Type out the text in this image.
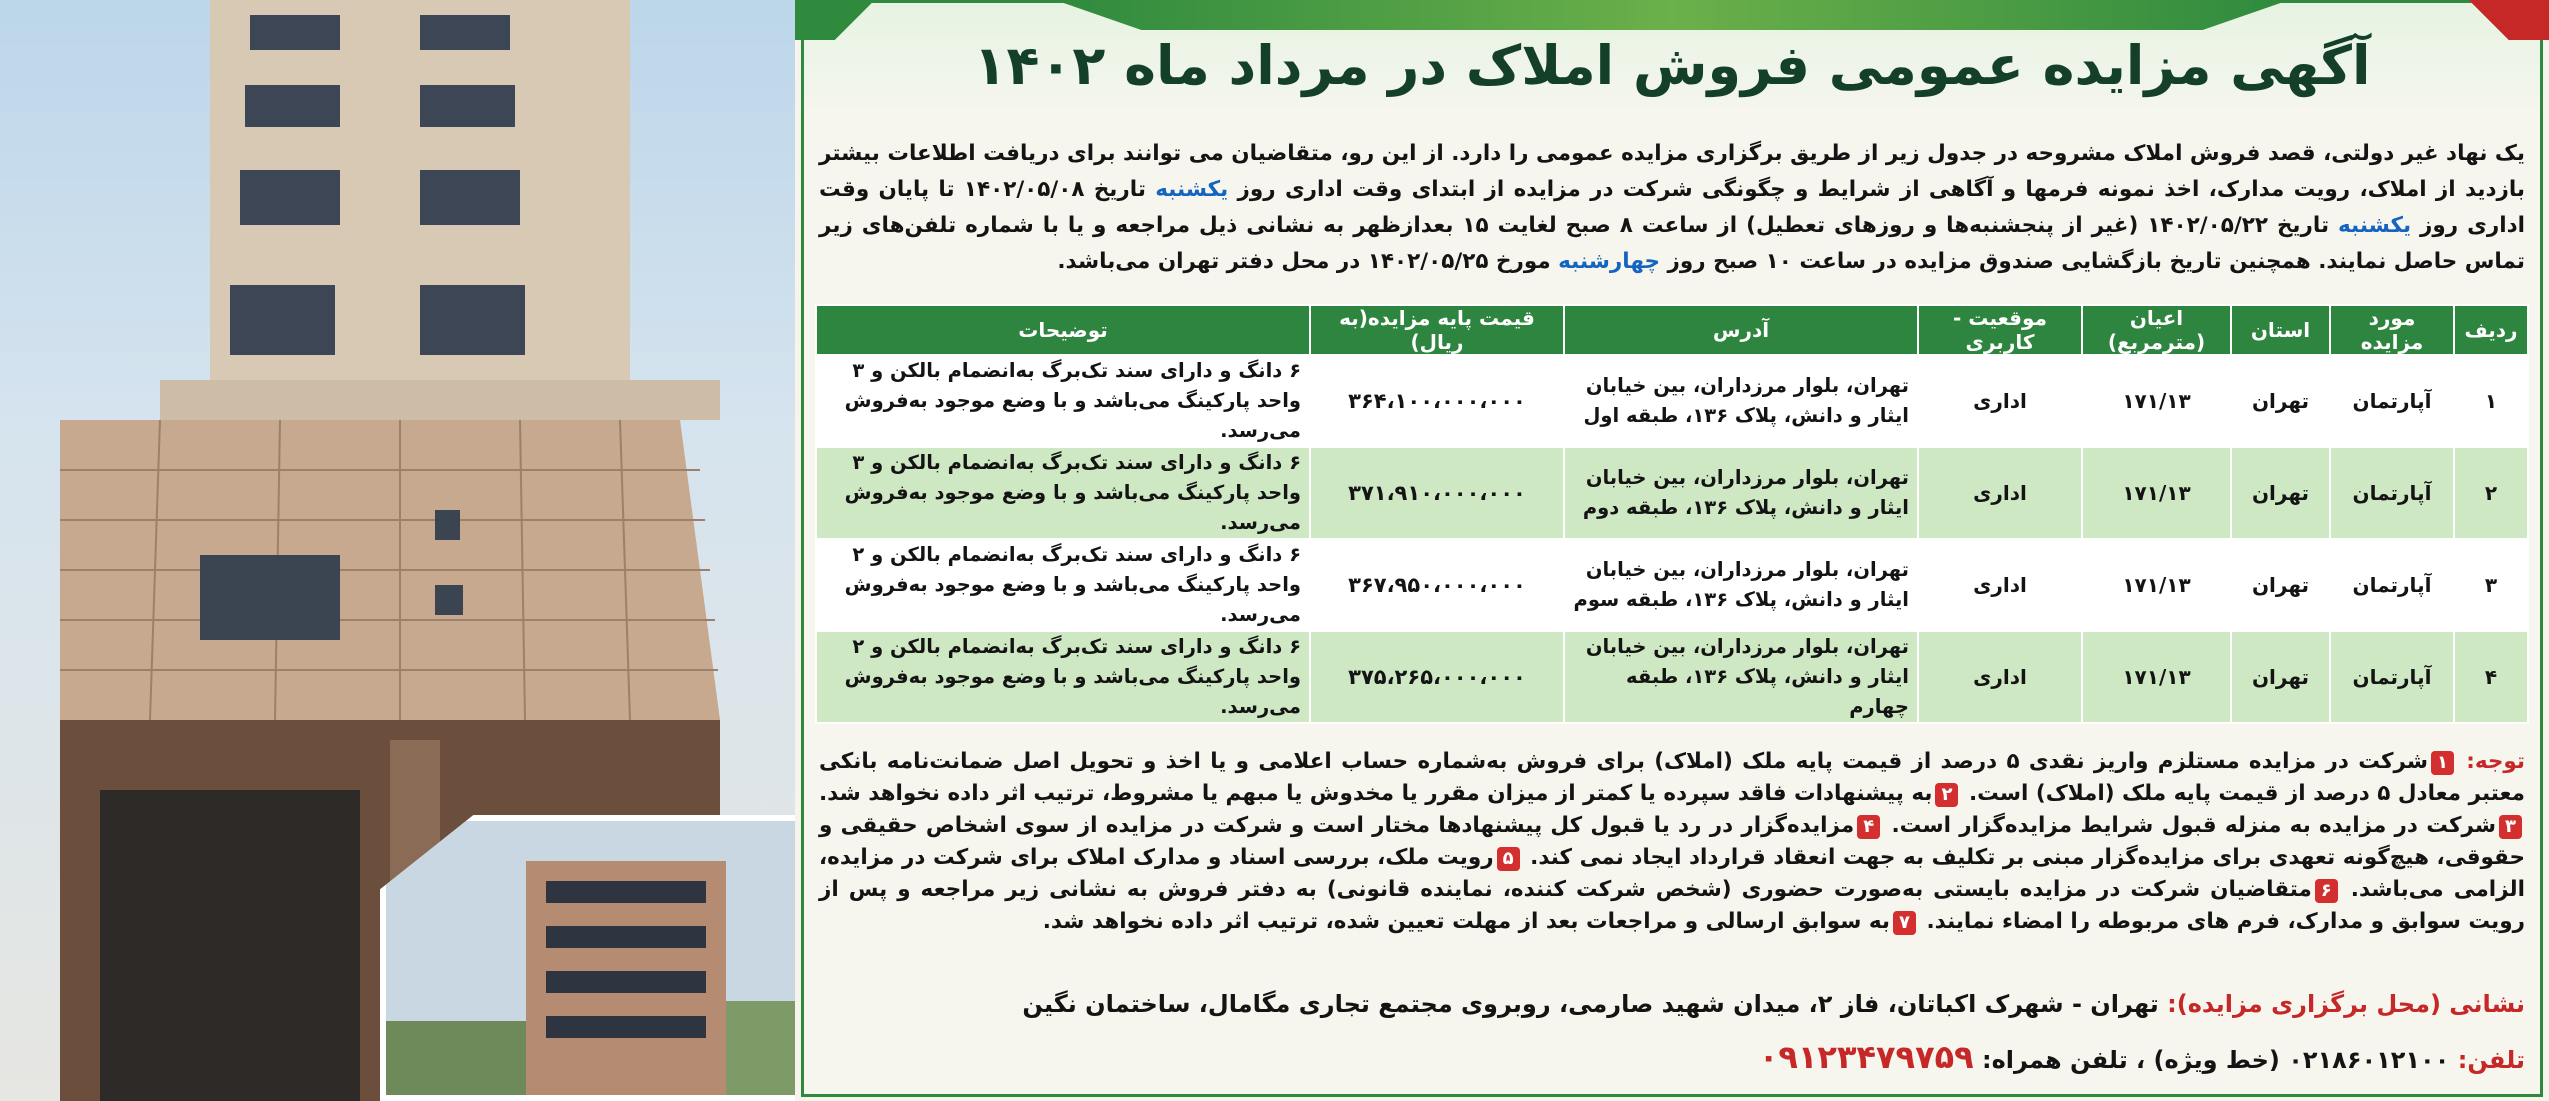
آگهی مزایده عمومی فروش املاک در مرداد ماه ۱۴۰۲
یک نهاد غیر دولتی، قصد فروش املاک مشروحه در جدول زیر از طریق برگزاری مزایده عمومی را دارد. از این رو، متقاضیان می توانند برای دریافت اطلاعات بیشتر بازدید از املاک، رویت مدارک، اخذ نمونه فرمها و آگاهی از شرایط و چگونگی شرکت در مزایده از ابتدای وقت اداری روز یکشنبه تاریخ ۱۴۰۲/۰۵/۰۸ تا پایان وقت اداری روز یکشنبه تاریخ ۱۴۰۲/۰۵/۲۲ (غیر از پنجشنبه‌ها و روزهای تعطیل) از ساعت ۸ صبح لغایت ۱۵ بعدازظهر به نشانی ذیل مراجعه و یا با شماره تلفن‌های زیر تماس حاصل نمایند. همچنین تاریخ بازگشایی صندوق مزایده در ساعت ۱۰ صبح روز چهارشنبه مورخ ۱۴۰۲/۰۵/۲۵ در محل دفتر تهران می‌باشد.
ردیف	مورد مزایده	استان	اعیان (مترمربع)	موقعیت - کاربری	آدرس	قیمت پایه مزایده(به ریال)	توضیحات
۱	آپارتمان	تهران	۱۷۱/۱۳	اداری	تهران، بلوار مرزداران، بین خیابان ایثار و دانش، پلاک ۱۳۶، طبقه اول	۳۶۴،۱۰۰،۰۰۰،۰۰۰	۶ دانگ و دارای سند تک‌برگ به‌انضمام بالکن و ۳ واحد پارکینگ می‌باشد و با وضع موجود به‌فروش می‌رسد.
۲	آپارتمان	تهران	۱۷۱/۱۳	اداری	تهران، بلوار مرزداران، بین خیابان ایثار و دانش، پلاک ۱۳۶، طبقه دوم	۳۷۱،۹۱۰،۰۰۰،۰۰۰	۶ دانگ و دارای سند تک‌برگ به‌انضمام بالکن و ۳ واحد پارکینگ می‌باشد و با وضع موجود به‌فروش می‌رسد.
۳	آپارتمان	تهران	۱۷۱/۱۳	اداری	تهران، بلوار مرزداران، بین خیابان ایثار و دانش، پلاک ۱۳۶، طبقه سوم	۳۶۷،۹۵۰،۰۰۰،۰۰۰	۶ دانگ و دارای سند تک‌برگ به‌انضمام بالکن و ۲ واحد پارکینگ می‌باشد و با وضع موجود به‌فروش می‌رسد.
۴	آپارتمان	تهران	۱۷۱/۱۳	اداری	تهران، بلوار مرزداران، بین خیابان ایثار و دانش، پلاک ۱۳۶، طبقه چهارم	۳۷۵،۲۶۵،۰۰۰،۰۰۰	۶ دانگ و دارای سند تک‌برگ به‌انضمام بالکن و ۲ واحد پارکینگ می‌باشد و با وضع موجود به‌فروش می‌رسد.
توجه: ۱شرکت در مزایده مستلزم واریز نقدی ۵ درصد از قیمت پایه ملک (املاک) برای فروش به‌شماره حساب اعلامی و یا اخذ و تحویل اصل ضمانت‌نامه بانکی معتبر معادل ۵ درصد از قیمت پایه ملک (املاک) است. ۲به پیشنهادات فاقد سپرده یا کمتر از میزان مقرر یا مخدوش یا مبهم یا مشروط، ترتیب اثر داده نخواهد شد. ۳شرکت در مزایده به منزله قبول شرایط مزایده‌گزار است. ۴مزایده‌گزار در رد یا قبول کل پیشنهادها مختار است و شرکت در مزایده از سوی اشخاص حقیقی و حقوقی، هیچ‌گونه تعهدی برای مزایده‌گزار مبنی بر تکلیف به جهت انعقاد قرارداد ایجاد نمی کند. ۵رویت ملک، بررسی اسناد و مدارک املاک برای شرکت در مزایده، الزامی می‌باشد. ۶متقاضیان شرکت در مزایده بایستی به‌صورت حضوری (شخص شرکت کننده، نماینده قانونی) به دفتر فروش به نشانی زیر مراجعه و پس از رویت سوابق و مدارک، فرم های مربوطه را امضاء نمایند. ۷به سوابق ارسالی و مراجعات بعد از مهلت تعیین شده، ترتیب اثر داده نخواهد شد.
نشانی (محل برگزاری مزایده): تهران - شهرک اکباتان، فاز ۲، میدان شهید صارمی، روبروی مجتمع تجاری مگامال، ساختمان نگین
تلفن: ۰۲۱۸۶۰۱۲۱۰۰ (خط ویژه) ، تلفن همراه: ۰۹۱۲۳۴۷۹۷۵۹
